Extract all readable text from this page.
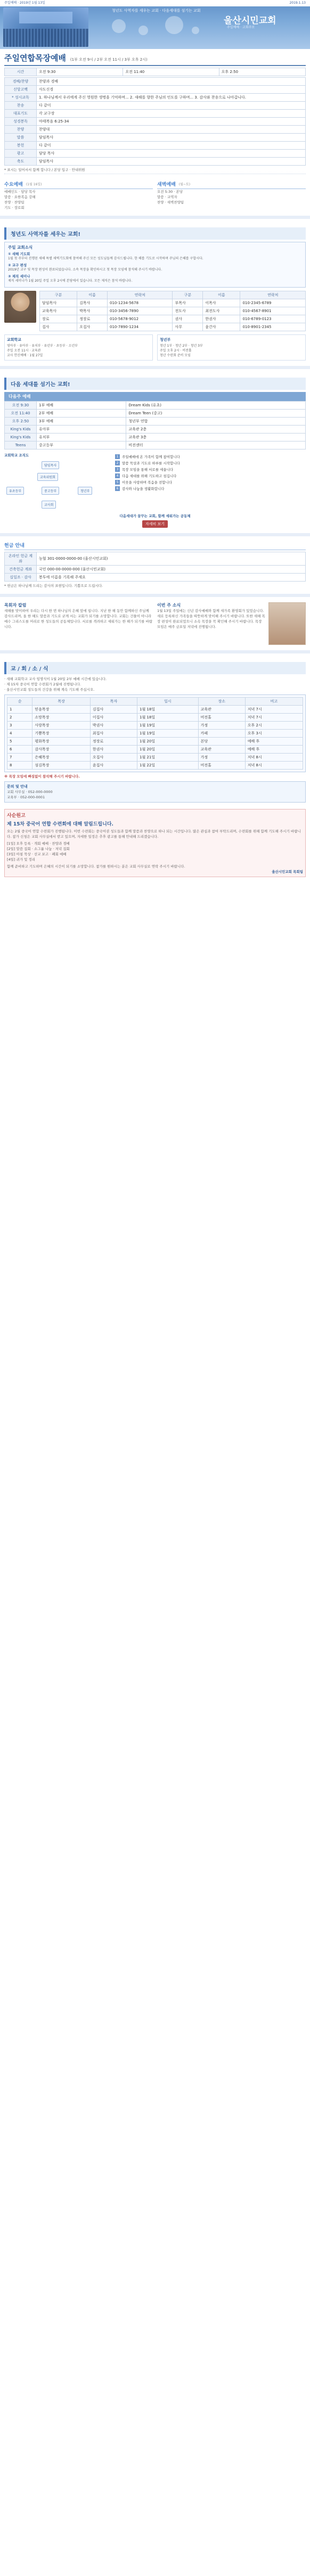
주일예배 · 2019년 1월 13일	2019.1.13
청년도 사역자를 세우는 교회 · 다음세대를 섬기는 교회
울산시민교회
주일예배 · 교회주보
주일연합목장예배 (1부 오전 9시 / 2부 오전 11시 / 3부 오후 2시)
시간	오전 9:30	오전 11:40	오후 2:50
경배/찬양	찬양과 경배
신앙고백	사도신경
* 성시교독	1. 하나님께서 우리에게 주신 영원한 생명을 기억하며... 2. 새해를 향한 주님의 인도를 구하며... 3. 감사와 찬송으로 나아갑니다.
찬송	다 같이
대표기도	각 교구장
성경봉독	마태복음 6:25-34
찬양	찬양대
말씀	담임목사
봉헌	다 같이
광고	담당 목사
축도	담임목사
* 표시는 일어서서 함께 합니다 / 본당 입구 · 안내위원
수요예배 (1월 16일)
예배인도 · 담당 목사
말씀 · 요한복음 강해
찬양 · 찬양팀
기도 · 장로회
새벽예배 (월~토)
오전 5:30 · 본당
말씀 · 교역자
찬양 · 새벽찬양팀
청년도 사역자를 세우는 교회!
주일 교회소식
① 새해 기도회
1월 첫 주부터 진행된 새해 특별 새벽기도회에 참여해 주신 모든 성도님들께 감사드립니다. 한 해를 기도로 시작하며 주님의 은혜를 구합시다.
② 교구 편성
2019년 교구 및 목장 편성이 완료되었습니다. 소속 목장을 확인하시고 첫 목장 모임에 참석해 주시기 바랍니다.
③ 제직 세미나
제직 세미나가 1월 20일 주일 오후 2시에 본당에서 있습니다. 모든 제직은 참석 바랍니다.
구분	이름	연락처	구분	이름	연락처
담임목사	김목사	010-1234-5678	부목사	이목사	010-2345-6789
교육목사	박목사	010-3456-7890	전도사	최전도사	010-4567-8901
장로	정장로	010-5678-9012	권사	한권사	010-6789-0123
집사	오집사	010-7890-1234	사무	윤간사	010-8901-2345
교회학교
영아부 · 유아부 · 유치부 · 유년부 · 초등부 · 소년부
주일 오전 11시 · 교육관
교사 헌신예배 · 1월 27일
청년부
청년 1부 · 청년 2부 · 청년 3부
주일 오후 2시 · 비전홀
청년 수련회 준비 모임
다음 세대를 섬기는 교회!
다음주 예배
오전 9:30	1부 예배	Dream Kids (유초)
오전 11:40	2부 예배	Dream Teen (중고)
오후 2:50	3부 예배	청년부 연합
King's Kids	유아부	교육관 2층
King's Kids	유치부	교육관 3층
Teens	중고등부	비전센터
교회학교 조직도
담임목사
교육위원회
유초등부	중고등부	청년부
교사회
1	주일예배에 온 가족이 함께 참여합니다
2	말씀 묵상과 기도로 하루를 시작합니다
3	목장 모임을 통해 서로를 세웁니다
4	다음 세대를 위해 기도하고 섬깁니다
5	이웃을 사랑하며 복음을 전합니다
6	감사와 나눔을 생활화합니다
다음세대가 꿈꾸는 교회, 함께 세워가는 공동체
자세히 보기
헌금 안내
온라인 헌금 계좌	농협 301-0000-0000-00 (울산시민교회)
건축헌금 계좌	국민 000-00-0000-000 (울산시민교회)
십일조 · 감사	봉투에 이름을 기록해 주세요
* 헌금은 하나님께 드리는 감사의 표현입니다. 기쁨으로 드립시다.
목회자 칼럼
새해를 맞이하여 우리는 다시 한 번 하나님의 은혜 앞에 섭니다. 지난 한 해 동안 함께하신 주님께 감사드리며, 올 한 해도 말씀과 기도로 굳게 서는 교회가 되기를 소망합니다. 교회는 건물이 아니라 예수 그리스도를 머리로 한 성도들의 공동체입니다. 서로를 격려하고 세워가는 한 해가 되기를 바랍니다.
이번 주 소식
1월 13일 주일에는 신년 감사예배와 함께 새가족 환영회가 있었습니다. 새로 등록하신 가족들을 따뜻하게 맞이해 주시기 바랍니다. 또한 새해 목장 편성이 완료되었으니 소속 목장을 꼭 확인해 주시기 바랍니다. 목장 모임은 매주 금요일 저녁에 진행됩니다.
교 / 회 / 소 / 식
· 새해 교회학교 교사 임명식이 1월 20일 2부 예배 시간에 있습니다.
· 제 15차 중국어 연합 수련회가 2월에 진행됩니다.
· 울산시민교회 성도들의 건강을 위해 계속 기도해 주십시오.
순	목장	목자	일시	장소	비고
1	믿음목장	김집사	1월 18일	교육관	저녁 7시
2	소망목장	이집사	1월 18일	비전홀	저녁 7시
3	사랑목장	박권사	1월 19일	가정	오후 2시
4	기쁨목장	최집사	1월 19일	카페	오후 3시
5	평화목장	정장로	1월 20일	본당	예배 후
6	감사목장	한권사	1월 20일	교육관	예배 후
7	은혜목장	오집사	1월 21일	가정	저녁 8시
8	섬김목장	윤집사	1월 22일	비전홀	저녁 8시
※ 목장 모임에 빠짐없이 참석해 주시기 바랍니다.
문의 및 안내
교회 사무실 · 052-000-0000
교육부 · 052-000-0001
사순원고
제 15차 중국어 연합 수련회에 대해 알림드립니다.
오는 2월 중국어 연합 수련회가 진행됩니다. 이번 수련회는 중국어권 성도들과 함께 말씀과 찬양으로 하나 되는 시간입니다. 많은 관심과 참여 부탁드리며, 수련회를 위해 함께 기도해 주시기 바랍니다. 참가 신청은 교회 사무실에서 받고 있으며, 자세한 일정은 추후 광고를 통해 안내해 드리겠습니다.
[1일] 오후 등록 · 개회 예배 · 찬양과 경배
[2일] 말씀 집회 · 소그룹 나눔 · 저녁 집회
[3일] 아침 묵상 · 선교 보고 · 폐회 예배
[4일] 귀가 및 정리
함께 준비하고 기도하며 은혜의 시간이 되기를 소망합니다. 참가를 원하시는 분은 교회 사무실로 연락 주시기 바랍니다.
울산시민교회 목회팀
